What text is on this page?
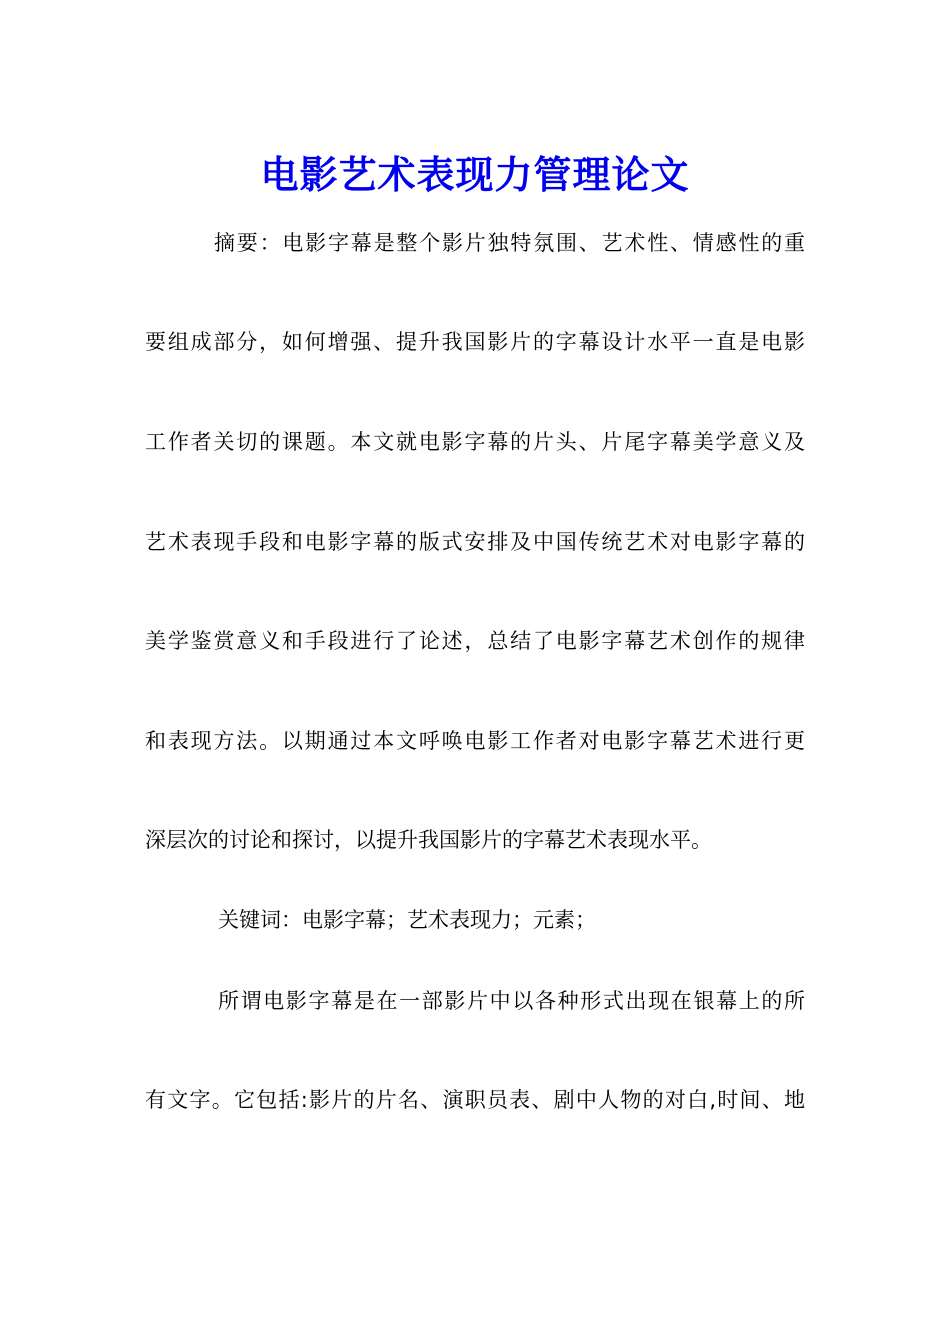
电影艺术表现力管理论文
摘要：电影字幕是整个影片独特氛围、艺术性、情感性的重
要组成部分，如何增强、提升我国影片的字幕设计水平一直是电影
工作者关切的课题。本文就电影字幕的片头、片尾字幕美学意义及
艺术表现手段和电影字幕的版式安排及中国传统艺术对电影字幕的
美学鉴赏意义和手段进行了论述，总结了电影字幕艺术创作的规律
和表现方法。以期通过本文呼唤电影工作者对电影字幕艺术进行更
深层次的讨论和探讨，以提升我国影片的字幕艺术表现水平。
关键词：电影字幕；艺术表现力；元素；
所谓电影字幕是在一部影片中以各种形式出现在银幕上的所
有文字。它包括:影片的片名、演职员表、剧中人物的对白,时间、地
